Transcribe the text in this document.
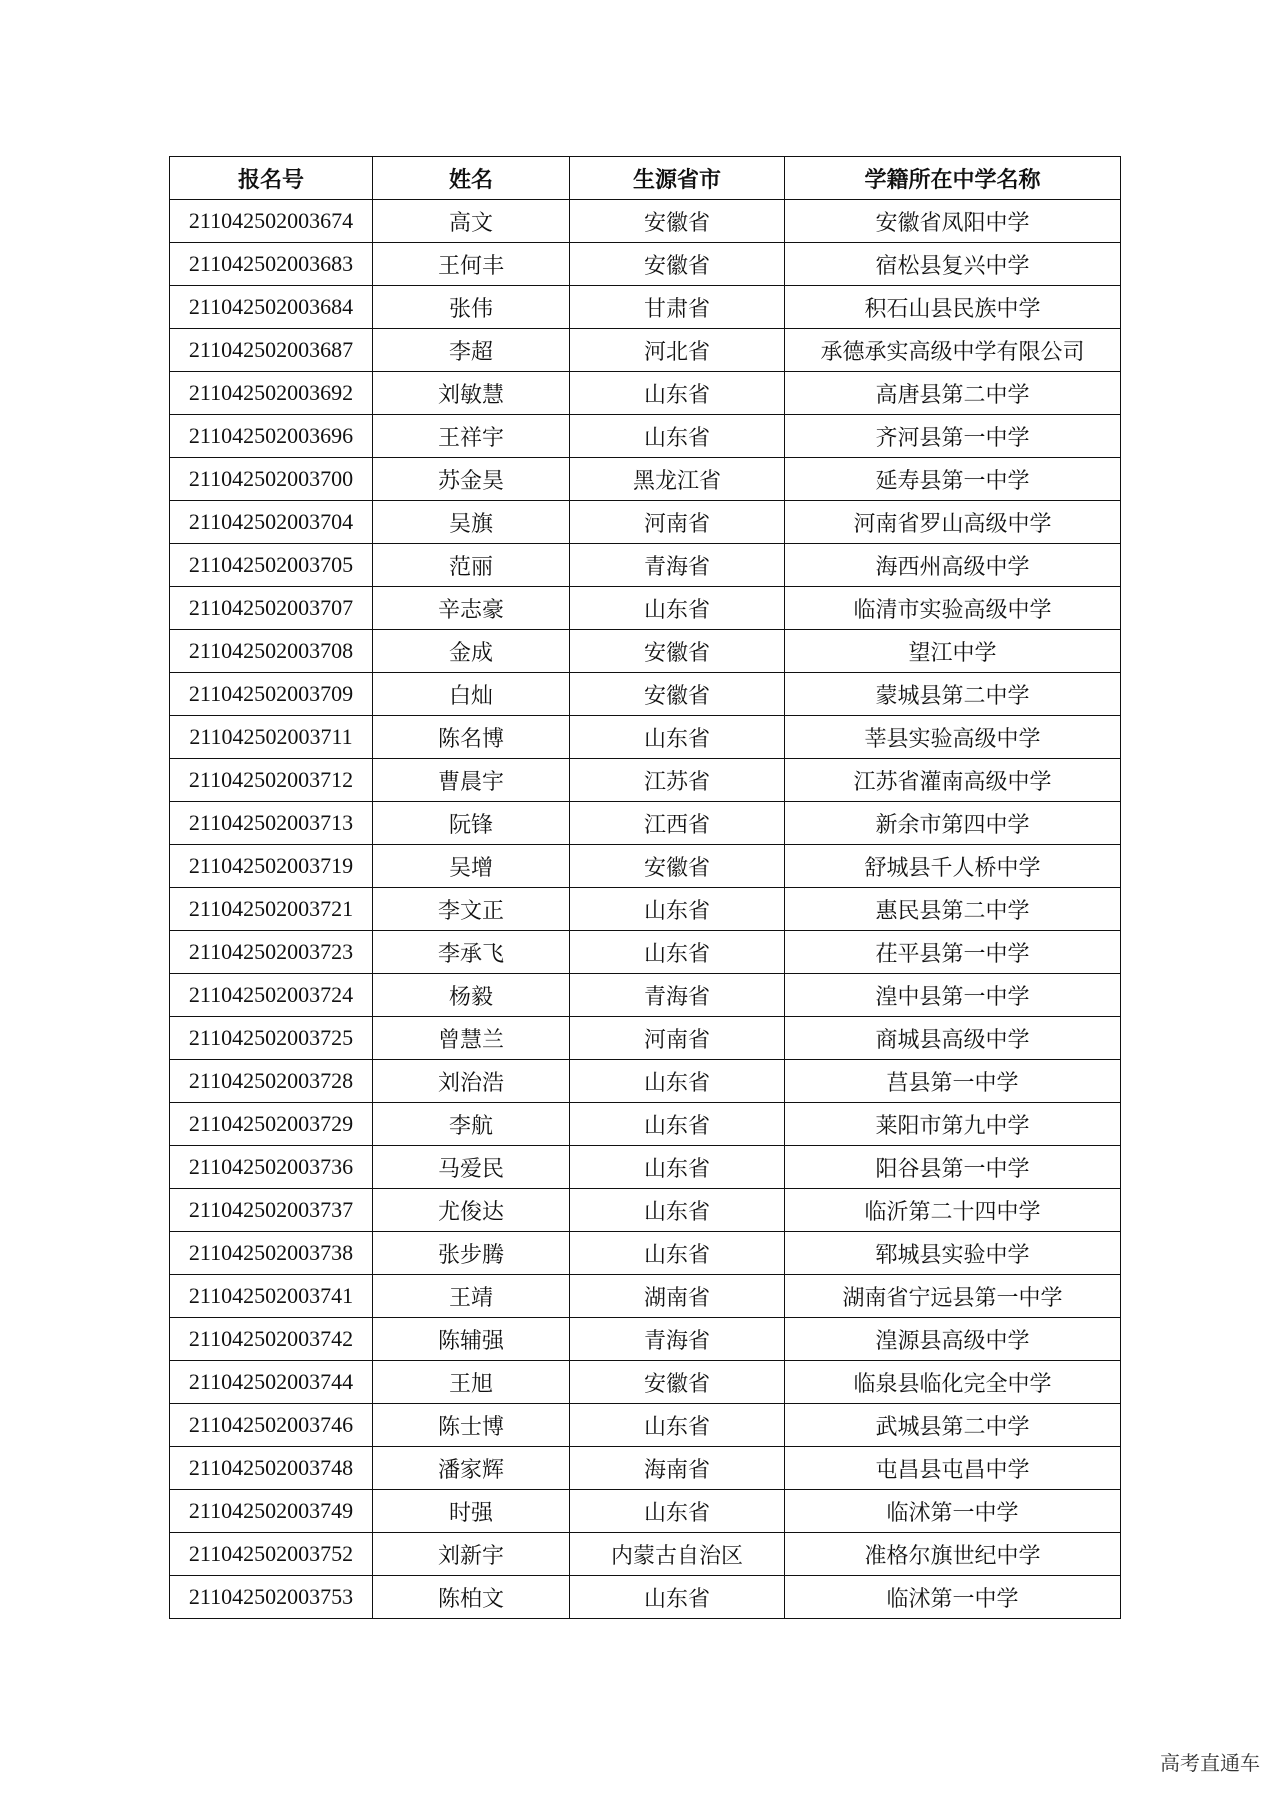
报名号	姓名	生源省市	学籍所在中学名称
211042502003674	高文	安徽省	安徽省凤阳中学
211042502003683	王何丰	安徽省	宿松县复兴中学
211042502003684	张伟	甘肃省	积石山县民族中学
211042502003687	李超	河北省	承德承实高级中学有限公司
211042502003692	刘敏慧	山东省	高唐县第二中学
211042502003696	王祥宇	山东省	齐河县第一中学
211042502003700	苏金昊	黑龙江省	延寿县第一中学
211042502003704	吴旗	河南省	河南省罗山高级中学
211042502003705	范丽	青海省	海西州高级中学
211042502003707	辛志豪	山东省	临清市实验高级中学
211042502003708	金成	安徽省	望江中学
211042502003709	白灿	安徽省	蒙城县第二中学
211042502003711	陈名博	山东省	莘县实验高级中学
211042502003712	曹晨宇	江苏省	江苏省灌南高级中学
211042502003713	阮锋	江西省	新余市第四中学
211042502003719	吴增	安徽省	舒城县千人桥中学
211042502003721	李文正	山东省	惠民县第二中学
211042502003723	李承飞	山东省	茌平县第一中学
211042502003724	杨毅	青海省	湟中县第一中学
211042502003725	曾慧兰	河南省	商城县高级中学
211042502003728	刘治浩	山东省	莒县第一中学
211042502003729	李航	山东省	莱阳市第九中学
211042502003736	马爱民	山东省	阳谷县第一中学
211042502003737	尤俊达	山东省	临沂第二十四中学
211042502003738	张步腾	山东省	郓城县实验中学
211042502003741	王靖	湖南省	湖南省宁远县第一中学
211042502003742	陈辅强	青海省	湟源县高级中学
211042502003744	王旭	安徽省	临泉县临化完全中学
211042502003746	陈士博	山东省	武城县第二中学
211042502003748	潘家辉	海南省	屯昌县屯昌中学
211042502003749	时强	山东省	临沭第一中学
211042502003752	刘新宇	内蒙古自治区	准格尔旗世纪中学
211042502003753	陈柏文	山东省	临沭第一中学
高考直通车
